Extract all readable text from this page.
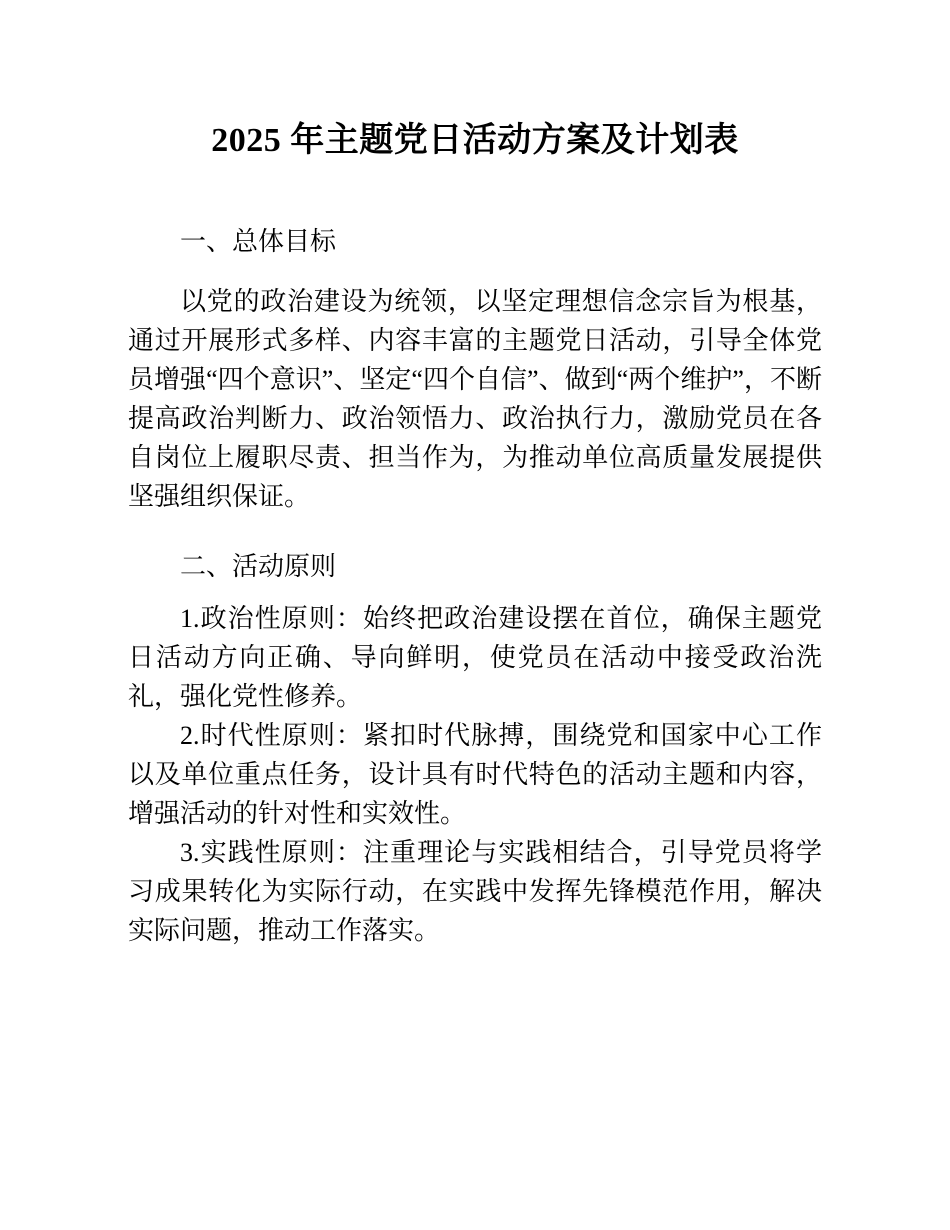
2025 年主题党日活动方案及计划表
一、总体目标

以党的政治建设为统领，以坚定理想信念宗旨为根基，通过开展形式多样、内容丰富的主题党日活动，引导全体党员增强“四个意识”、坚定“四个自信”、做到“两个维护”，不断提高政治判断力、政治领悟力、政治执行力，激励党员在各自岗位上履职尽责、担当作为，为推动单位高质量发展提供坚强组织保证。

二、活动原则

1.政治性原则：始终把政治建设摆在首位，确保主题党日活动方向正确、导向鲜明，使党员在活动中接受政治洗礼，强化党性修养。

2.时代性原则：紧扣时代脉搏，围绕党和国家中心工作以及单位重点任务，设计具有时代特色的活动主题和内容，增强活动的针对性和实效性。

3.实践性原则：注重理论与实践相结合，引导党员将学习成果转化为实际行动，在实践中发挥先锋模范作用，解决实际问题，推动工作落实。
